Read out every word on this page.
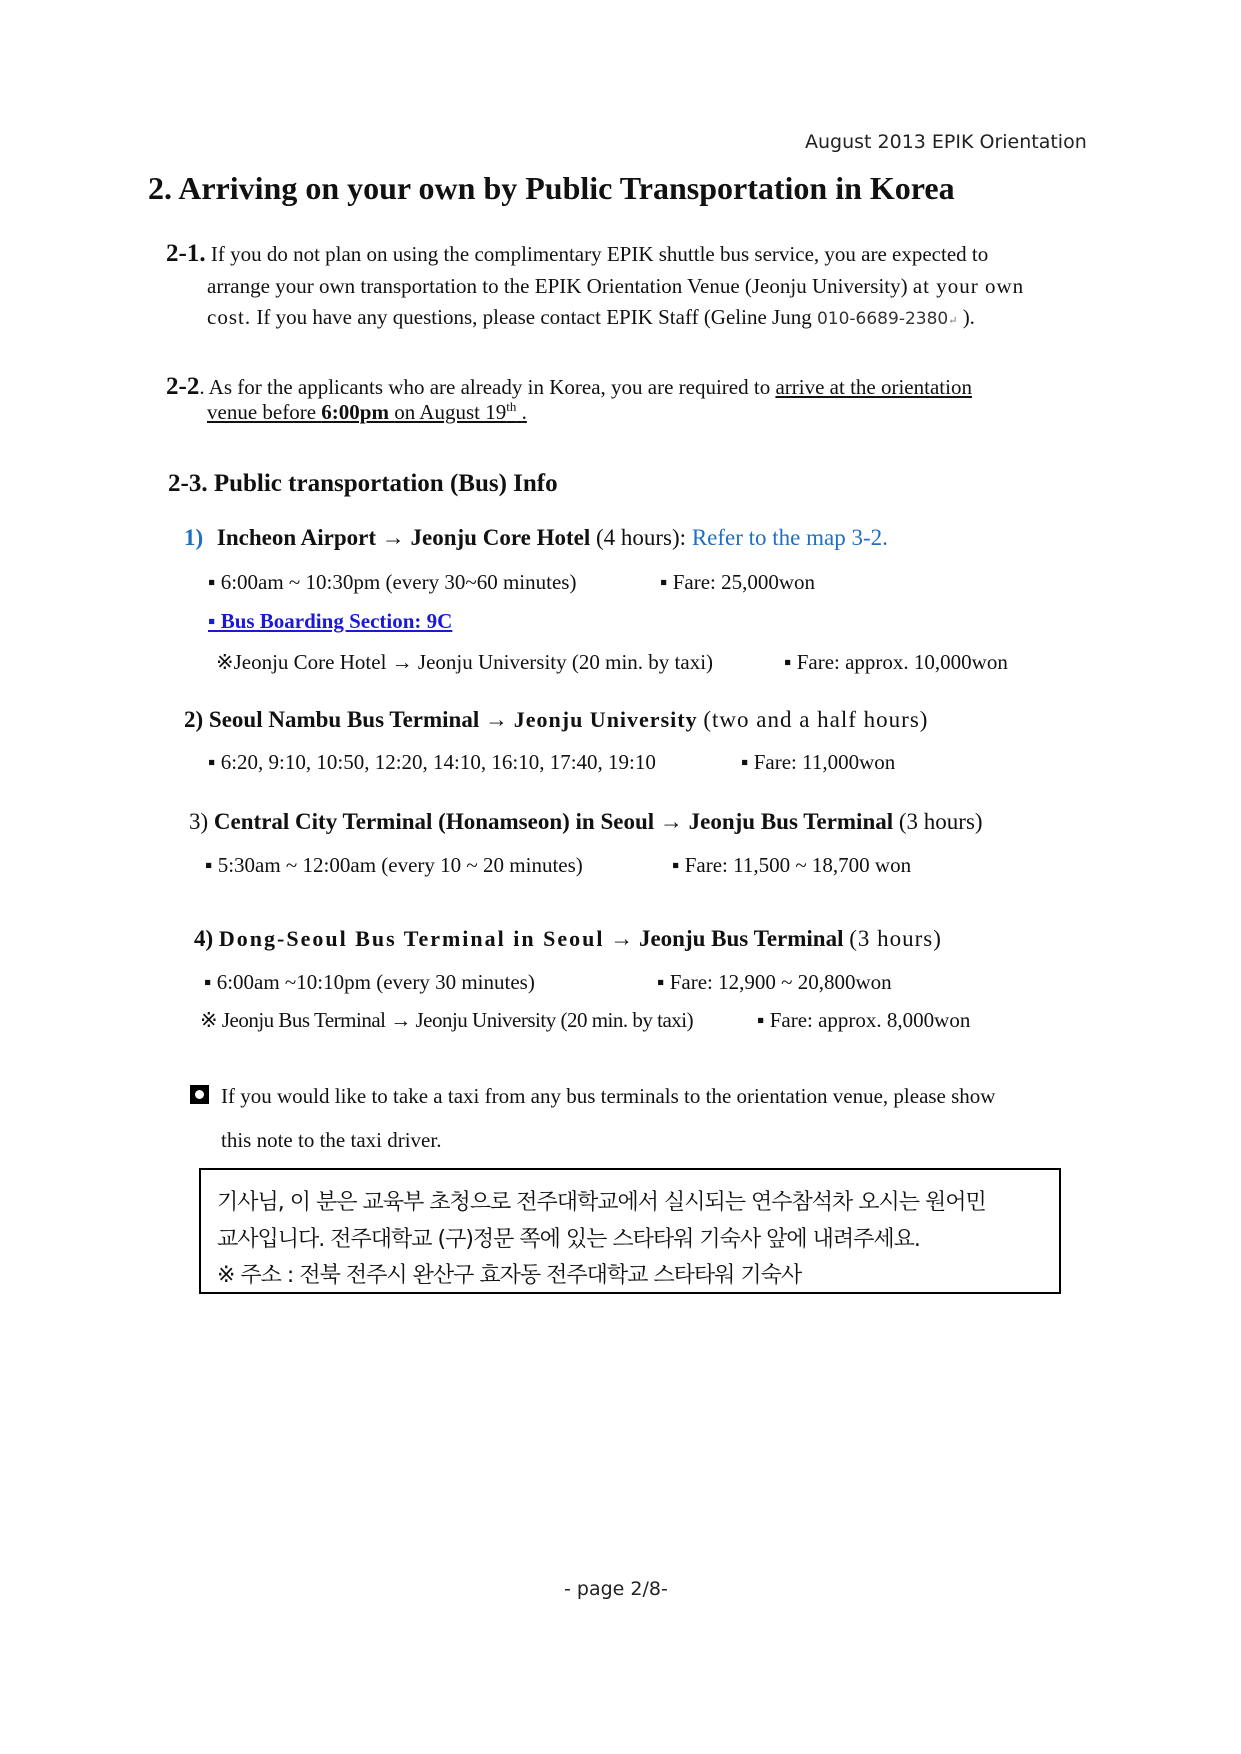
August 2013 EPIK Orientation
2. Arriving on your own by Public Transportation in Korea
2-1. If you do not plan on using the complimentary EPIK shuttle bus service, you are expected to
arrange your own transportation to the EPIK Orientation Venue (Jeonju University) at your own
cost. If you have any questions, please contact EPIK Staff (Geline Jung 010-6689-2380↵ ).
2-2. As for the applicants who are already in Korea, you are required to arrive at the orientation
venue before 6:00pm on August 19th .
2-3. Public transportation (Bus) Info
1) Incheon Airport → Jeonju Core Hotel (4 hours): Refer to the map 3-2.
▪ 6:00am ~ 10:30pm (every 30~60 minutes)	▪ Fare: 25,000won
▪ Bus Boarding Section: 9C
※Jeonju Core Hotel → Jeonju University (20 min. by taxi)	▪ Fare: approx. 10,000won
2) Seoul Nambu Bus Terminal → Jeonju University (two and a half hours)
▪ 6:20, 9:10, 10:50, 12:20, 14:10, 16:10, 17:40, 19:10	▪ Fare: 11,000won
3) Central City Terminal (Honamseon) in Seoul → Jeonju Bus Terminal (3 hours)
▪ 5:30am ~ 12:00am (every 10 ~ 20 minutes)	▪ Fare: 11,500 ~ 18,700 won
4) Dong-Seoul Bus Terminal in Seoul → Jeonju Bus Terminal (3 hours)
▪ 6:00am ~10:10pm (every 30 minutes)	▪ Fare: 12,900 ~ 20,800won
※ Jeonju Bus Terminal → Jeonju University (20 min. by taxi)	▪ Fare: approx. 8,000won
If you would like to take a taxi from any bus terminals to the orientation venue, please show
this note to the taxi driver.
기사님, 이 분은 교육부 초청으로 전주대학교에서 실시되는 연수참석차 오시는 원어민
교사입니다. 전주대학교 (구)정문 쪽에 있는 스타타워 기숙사 앞에 내려주세요.
※ 주소 : 전북 전주시 완산구 효자동 전주대학교 스타타워 기숙사
- page 2/8-
